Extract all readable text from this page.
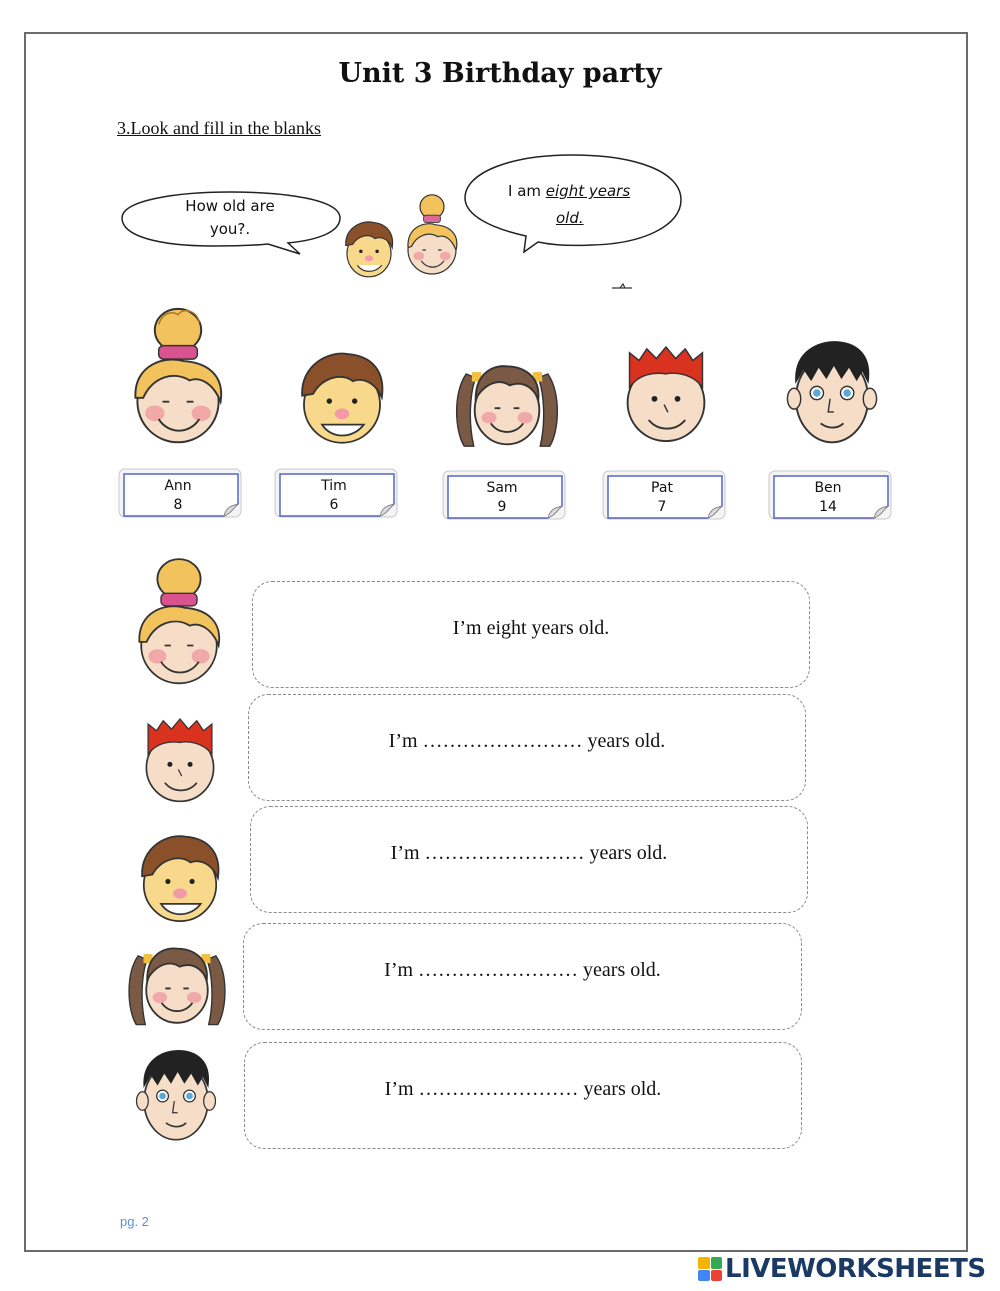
Unit 3 Birthday party
3.Look and fill in the blanks
How old are
you?.
I am eight years
old.
Ann
8
Tim
6
Sam
9
Pat
7
Ben
14
I’m eight years old.
I’m …………………… years old.
I’m …………………… years old.
I’m …………………… years old.
I’m …………………… years old.
pg. 2
LIVEWORKSHEETS
